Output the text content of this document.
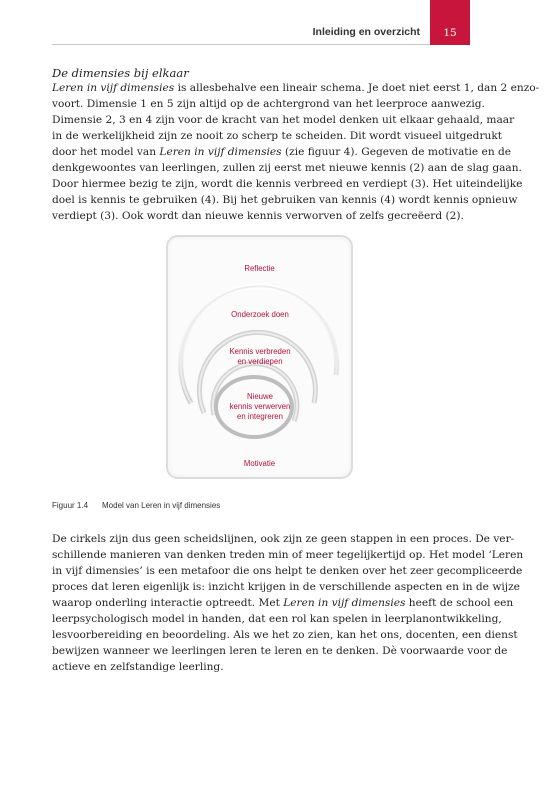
15
Inleiding en overzicht
De dimensies bij elkaar
Leren in vijf dimensies is allesbehalve een lineair schema. Je doet niet eerst 1, dan 2 enzo-
voort. Dimensie 1 en 5 zijn altijd op de achtergrond van het leerproce aanwezig.
Dimensie 2, 3 en 4 zijn voor de kracht van het model denken uit elkaar gehaald, maar
in de werkelijkheid zijn ze nooit zo scherp te scheiden. Dit wordt visueel uitgedrukt
door het model van Leren in vijf dimensies (zie figuur 4). Gegeven de motivatie en de
denkgewoontes van leerlingen, zullen zij eerst met nieuwe kennis (2) aan de slag gaan.
Door hiermee bezig te zijn, wordt die kennis verbreed en verdiept (3). Het uiteindelijke
doel is kennis te gebruiken (4). Bij het gebruiken van kennis (4) wordt kennis opnieuw
verdiept (3). Ook wordt dan nieuwe kennis verworven of zelfs gecreëerd (2).
Reflectie
Onderzoek doen
Kennis verbreden
en verdiepen
Nieuwe
kennis verwerven
en integreren
Motivatie
Figuur 1.4 Model van Leren in vijf dimensies
De cirkels zijn dus geen scheidslijnen, ook zijn ze geen stappen in een proces. De ver-
schillende manieren van denken treden min of meer tegelijkertijd op. Het model ‘Leren
in vijf dimensies’ is een metafoor die ons helpt te denken over het zeer gecompliceerde
proces dat leren eigenlijk is: inzicht krijgen in de verschillende aspecten en in de wijze
waarop onderling interactie optreedt. Met Leren in vijf dimensies heeft de school een
leerpsychologisch model in handen, dat een rol kan spelen in leerplanontwikkeling,
lesvoorbereiding en beoordeling. Als we het zo zien, kan het ons, docenten, een dienst
bewijzen wanneer we leerlingen leren te leren en te denken. Dè voorwaarde voor de
actieve en zelfstandige leerling.
